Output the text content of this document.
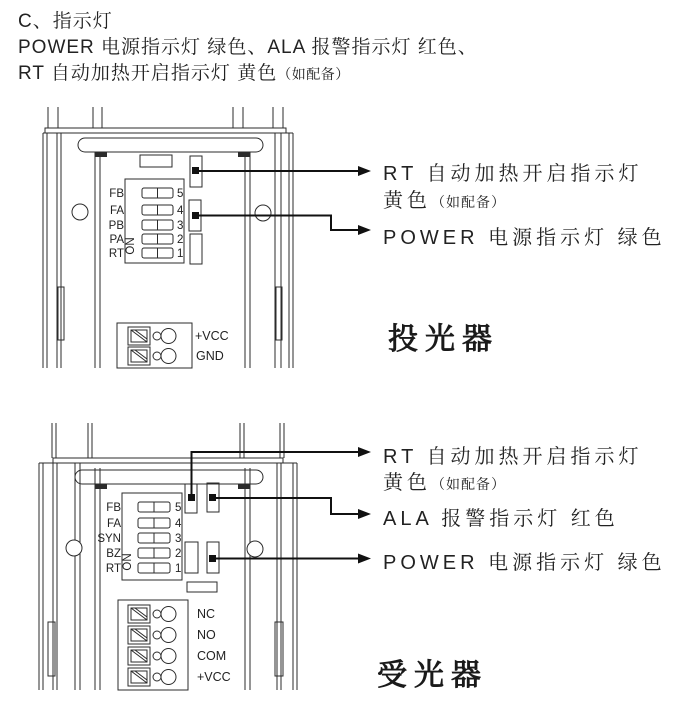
C、指示灯
POWER 电源指示灯 绿色、ALA 报警指示灯 红色、
RT 自动加热开启指示灯 黄色（如配备）
FB	5
FA	4
PB	3
PA	2
RT	1
ON
+VCC
GND
RT 自动加热开启指示灯
黄色（如配备）
POWER 电源指示灯 绿色
投光器
FB	5
FA	4
SYN	3
BZ	2
RT	1
ON
NC
NO
COM
+VCC
RT 自动加热开启指示灯
黄色（如配备）
ALA 报警指示灯 红色
POWER 电源指示灯 绿色
受光器
